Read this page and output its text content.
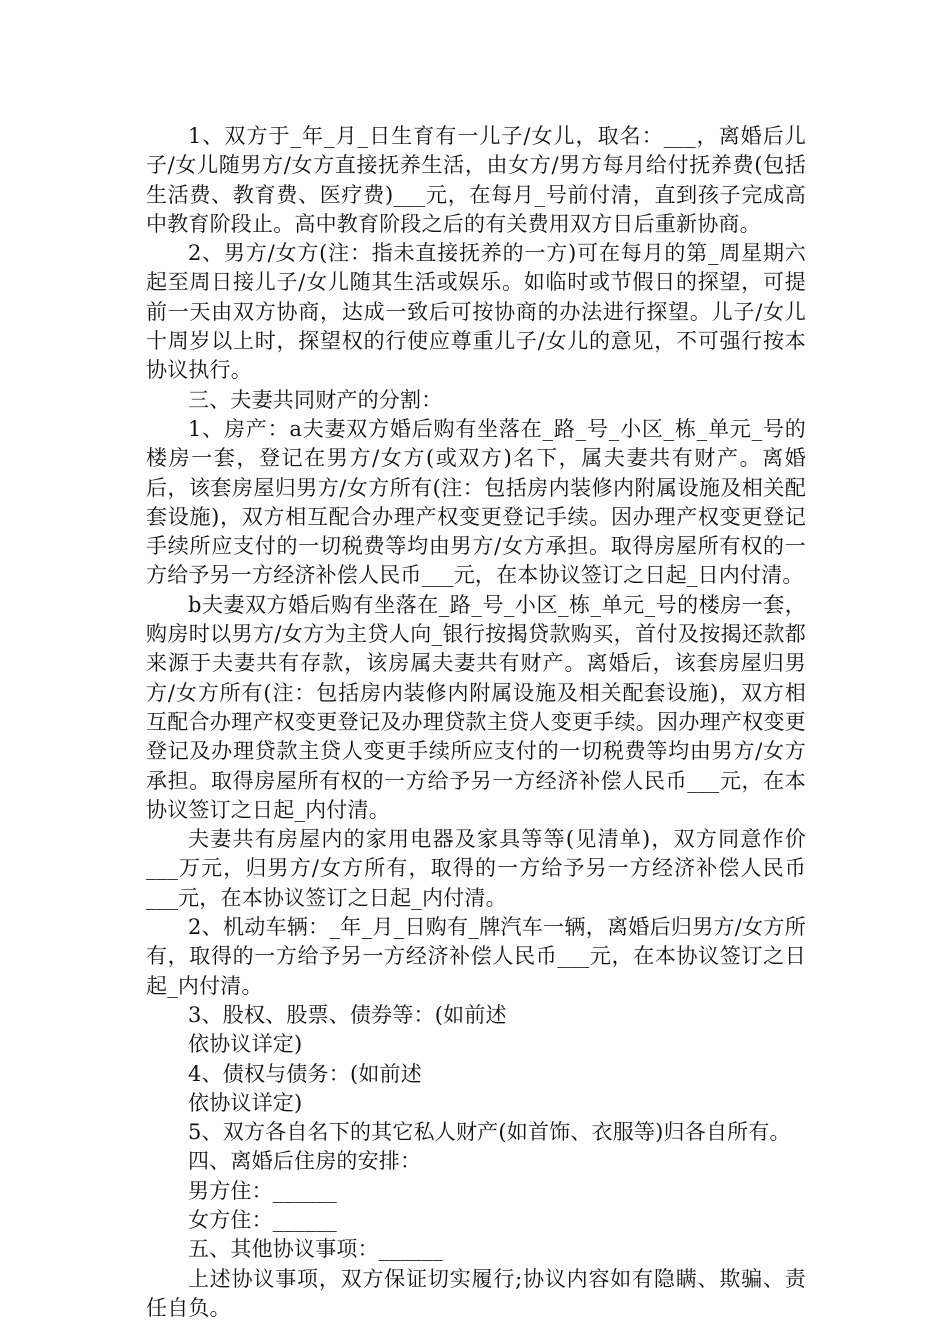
1、双方于_年_月_日生育有一儿子/女儿，取名：___，离婚后儿子/女儿随男方/女方直接抚养生活，由女方/男方每月给付抚养费(包括生活费、教育费、医疗费)___元，在每月_号前付清，直到孩子完成高中教育阶段止。高中教育阶段之后的有关费用双方日后重新协商。

2、男方/女方(注：指未直接抚养的一方)可在每月的第_周星期六起至周日接儿子/女儿随其生活或娱乐。如临时或节假日的探望，可提前一天由双方协商，达成一致后可按协商的办法进行探望。儿子/女儿十周岁以上时，探望权的行使应尊重儿子/女儿的意见，不可强行按本协议执行。

三、夫妻共同财产的分割：

1、房产：a夫妻双方婚后购有坐落在_路_号_小区_栋_单元_号的楼房一套，登记在男方/女方(或双方)名下，属夫妻共有财产。离婚后，该套房屋归男方/女方所有(注：包括房内装修内附属设施及相关配套设施)，双方相互配合办理产权变更登记手续。因办理产权变更登记手续所应支付的一切税费等均由男方/女方承担。取得房屋所有权的一方给予另一方经济补偿人民币___元，在本协议签订之日起_日内付清。

b夫妻双方婚后购有坐落在_路_号_小区_栋_单元_号的楼房一套，购房时以男方/女方为主贷人向_银行按揭贷款购买，首付及按揭还款都来源于夫妻共有存款，该房属夫妻共有财产。离婚后，该套房屋归男方/女方所有(注：包括房内装修内附属设施及相关配套设施)，双方相互配合办理产权变更登记及办理贷款主贷人变更手续。因办理产权变更登记及办理贷款主贷人变更手续所应支付的一切税费等均由男方/女方承担。取得房屋所有权的一方给予另一方经济补偿人民币___元，在本协议签订之日起_内付清。

夫妻共有房屋内的家用电器及家具等等(见清单)，双方同意作价___万元，归男方/女方所有，取得的一方给予另一方经济补偿人民币___元，在本协议签订之日起_内付清。

2、机动车辆：_年_月_日购有_牌汽车一辆，离婚后归男方/女方所有，取得的一方给予另一方经济补偿人民币___元，在本协议签订之日起_内付清。

3、股权、股票、债券等：(如前述

依协议详定)

4、债权与债务：(如前述

依协议详定)

5、双方各自名下的其它私人财产(如首饰、衣服等)归各自所有。

四、离婚后住房的安排：

男方住：______

女方住：______

五、其他协议事项：______

上述协议事项，双方保证切实履行;协议内容如有隐瞒、欺骗、责任自负。
